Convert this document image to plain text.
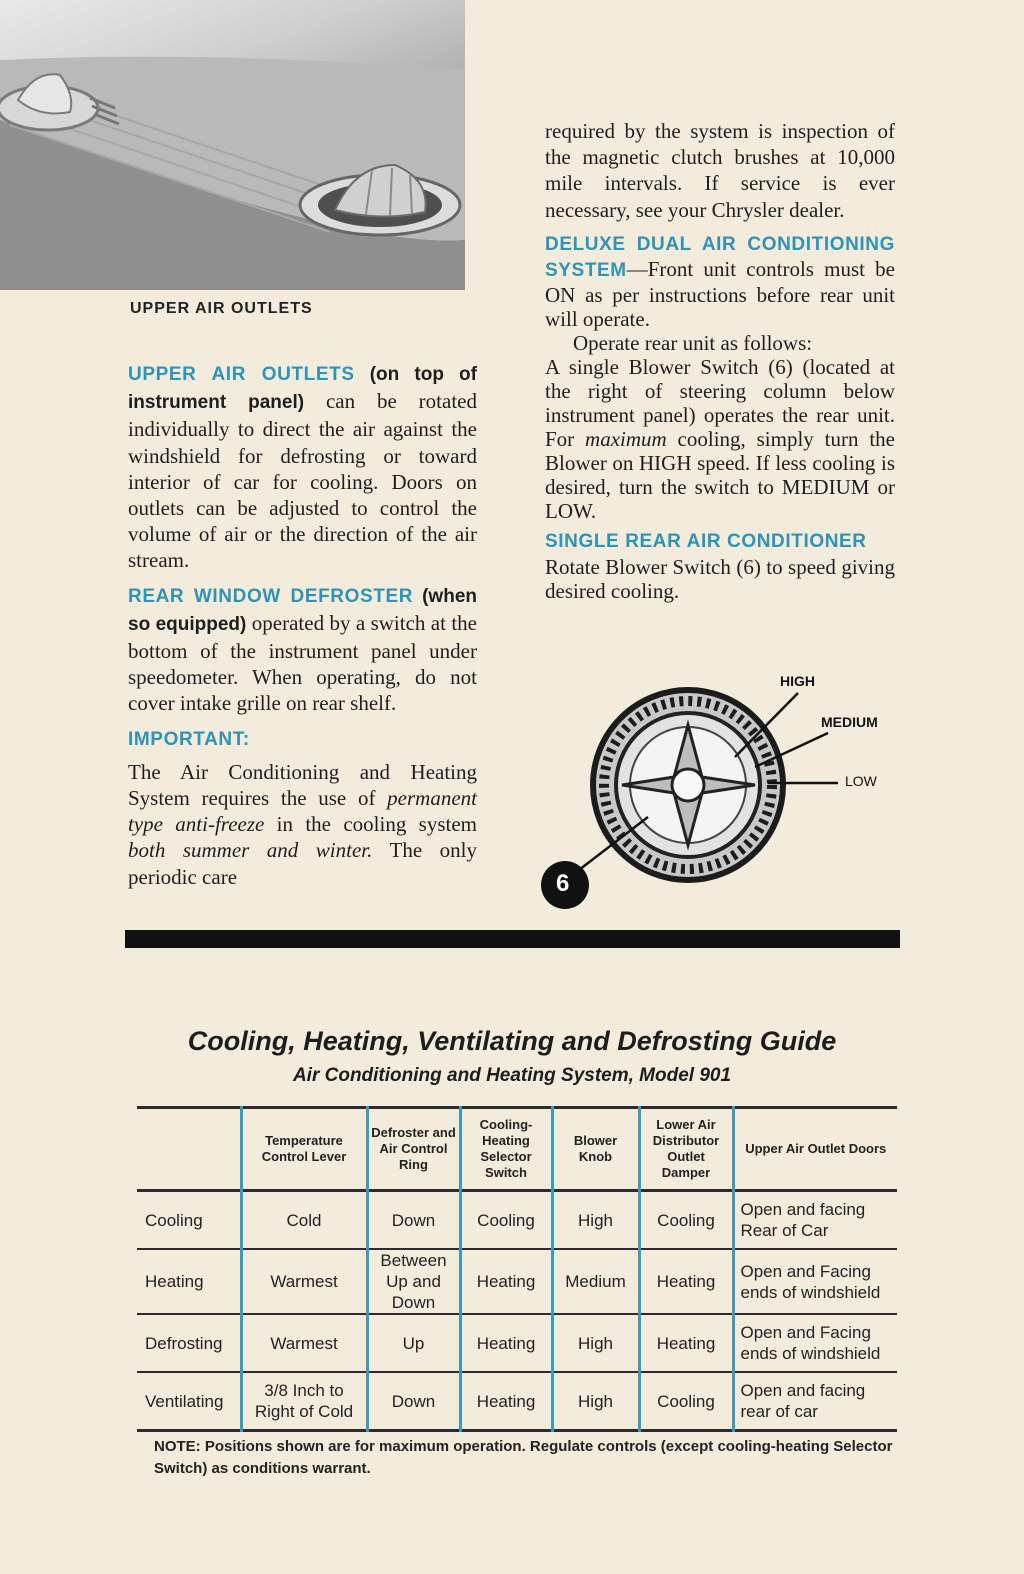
UPPER AIR OUTLETS

UPPER AIR OUTLETS (on top of instrument panel) can be rotated individually to direct the air against the windshield for defrosting or toward interior of car for cooling. Doors on outlets can be adjusted to control the volume of air or the direction of the air stream.

REAR WINDOW DEFROSTER (when so equipped) operated by a switch at the bottom of the instrument panel under speedometer. When operating, do not cover intake grille on rear shelf.

IMPORTANT:

The Air Conditioning and Heating System requires the use of permanent type anti-freeze in the cooling system both summer and winter. The only periodic care

required by the system is inspection of the magnetic clutch brushes at 10,000 mile intervals. If service is ever necessary, see your Chrysler dealer.

DELUXE DUAL AIR CONDITIONING SYSTEM—Front unit controls must be ON as per instructions before rear unit will operate.

Operate rear unit as follows:

A single Blower Switch (6) (located at the right of steering column below instrument panel) operates the rear unit. For maximum cooling, simply turn the Blower on HIGH speed. If less cooling is desired, turn the switch to MEDIUM or LOW.

SINGLE REAR AIR CONDITIONER

Rotate Blower Switch (6) to speed giving desired cooling.

HIGH
MEDIUM
LOW
6
Cooling, Heating, Ventilating and Defrosting Guide
Air Conditioning and Heating System, Model 901
	Temperature Control Lever	Defroster and Air Control Ring	Cooling-Heating Selector Switch	Blower Knob	Lower Air Distributor Outlet Damper	Upper Air Outlet Doors
Cooling	Cold	Down	Cooling	High	Cooling	Open and facing Rear of Car
Heating	Warmest	Between Up and Down	Heating	Medium	Heating	Open and Facing ends of windshield
Defrosting	Warmest	Up	Heating	High	Heating	Open and Facing ends of windshield
Ventilating	3/8 Inch to Right of Cold	Down	Heating	High	Cooling	Open and facing rear of car
NOTE: Positions shown are for maximum operation. Regulate controls (except cooling-heating Selector Switch) as conditions warrant.
